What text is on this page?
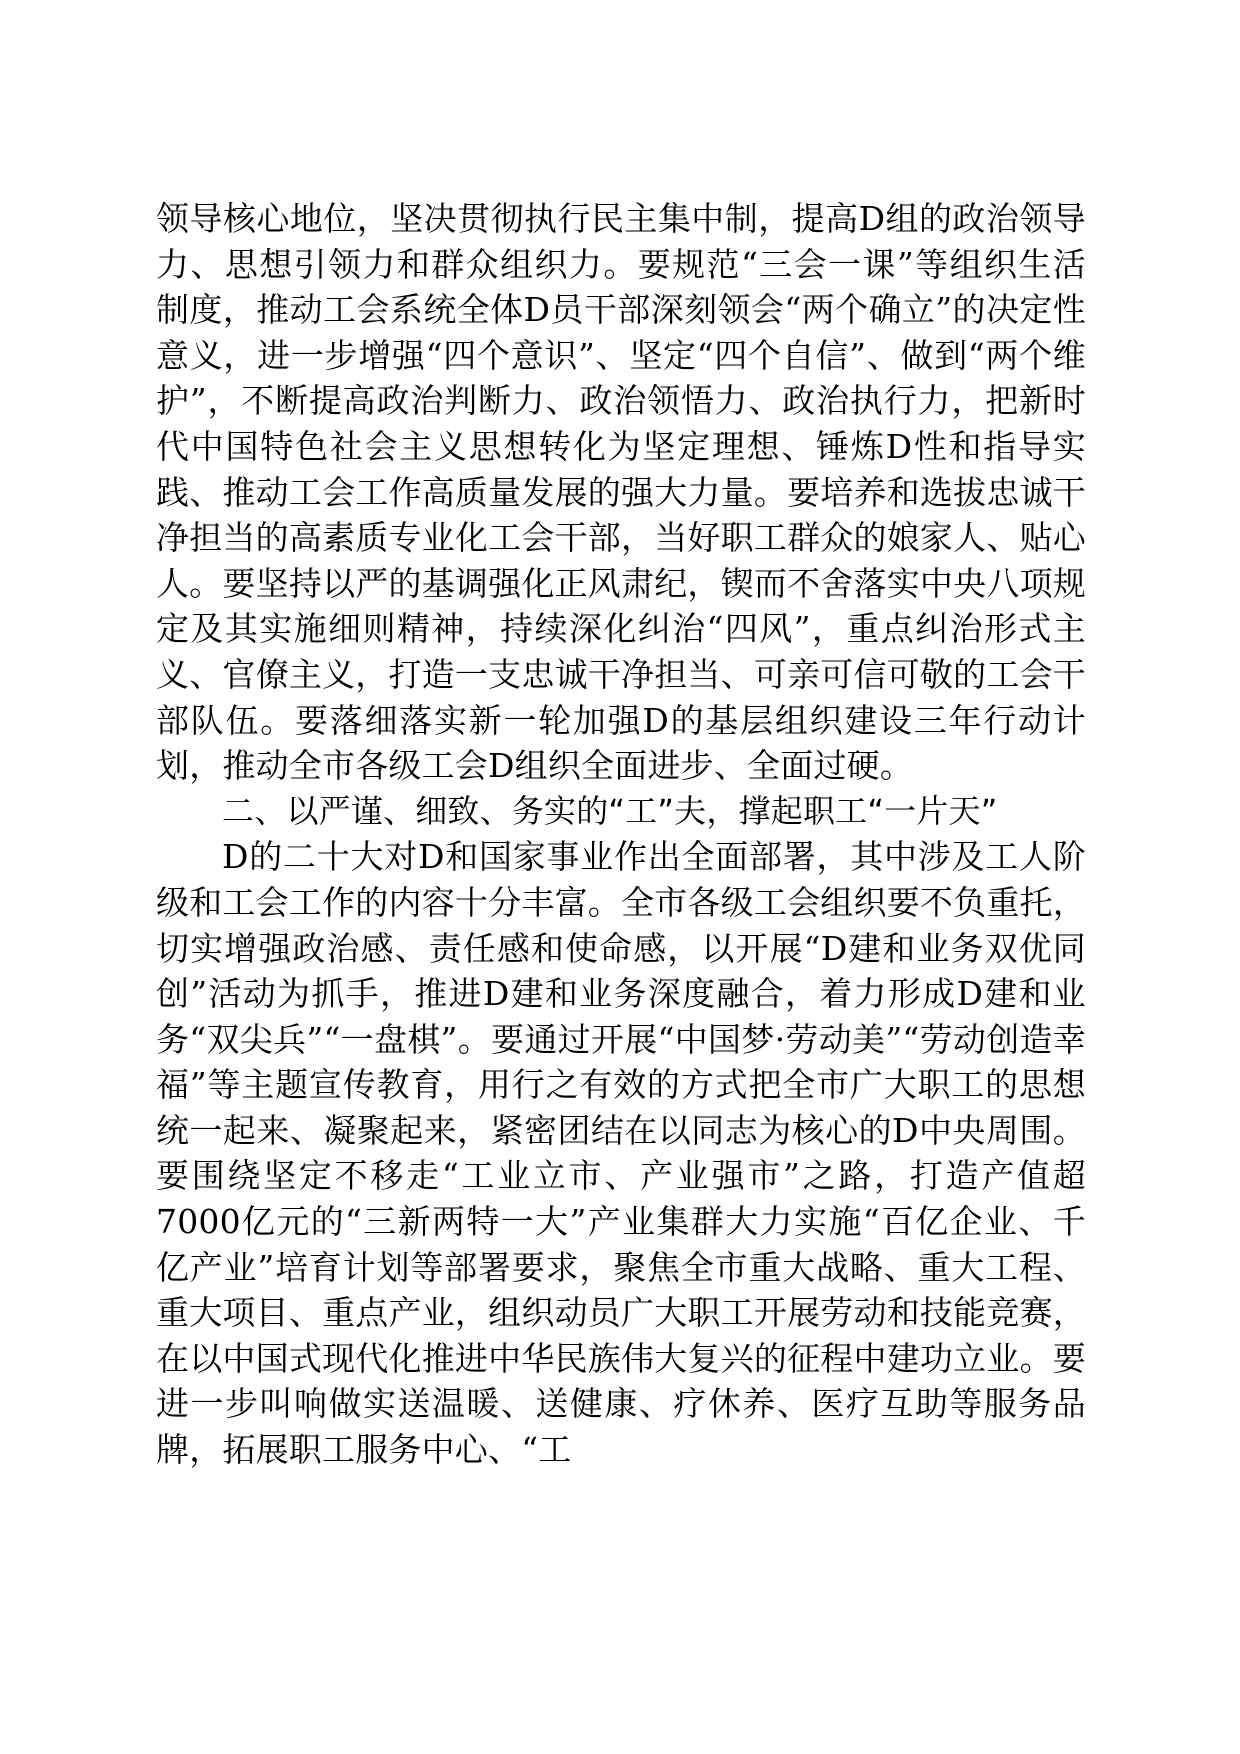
领导核心地位，坚决贯彻执行民主集中制，提高D组的政治领导力、思想引领力和群众组织力。要规范“三会一课”等组织生活制度，推动工会系统全体D员干部深刻领会“两个确立”的决定性意义，进一步增强“四个意识”、坚定“四个自信”、做到“两个维护”，不断提高政治判断力、政治领悟力、政治执行力，把新时代中国特色社会主义思想转化为坚定理想、锤炼D性和指导实践、推动工会工作高质量发展的强大力量。要培养和选拔忠诚干净担当的高素质专业化工会干部，当好职工群众的娘家人、贴心人。要坚持以严的基调强化正风肃纪，锲而不舍落实中央八项规定及其实施细则精神，持续深化纠治“四风”，重点纠治形式主义、官僚主义，打造一支忠诚干净担当、可亲可信可敬的工会干部队伍。要落细落实新一轮加强D的基层组织建设三年行动计划，推动全市各级工会D组织全面进步、全面过硬。

二、以严谨、细致、务实的“工”夫，撑起职工“一片天”

D的二十大对D和国家事业作出全面部署，其中涉及工人阶级和工会工作的内容十分丰富。全市各级工会组织要不负重托，切实增强政治感、责任感和使命感，以开展“D建和业务双优同创”活动为抓手，推进D建和业务深度融合，着力形成D建和业务“双尖兵”“一盘棋”。要通过开展“中国梦·劳动美”“劳动创造幸福”等主题宣传教育，用行之有效的方式把全市广大职工的思想统一起来、凝聚起来，紧密团结在以同志为核心的D中央周围。要围绕坚定不移走“工业立市、产业强市”之路，打造产值超7000亿元的“三新两特一大”产业集群大力实施“百亿企业、千亿产业”培育计划等部署要求，聚焦全市重大战略、重大工程、重大项目、重点产业，组织动员广大职工开展劳动和技能竞赛，在以中国式现代化推进中华民族伟大复兴的征程中建功立业。要进一步叫响做实送温暖、送健康、疗休养、医疗互助等服务品牌，拓展职工服务中心、“工
